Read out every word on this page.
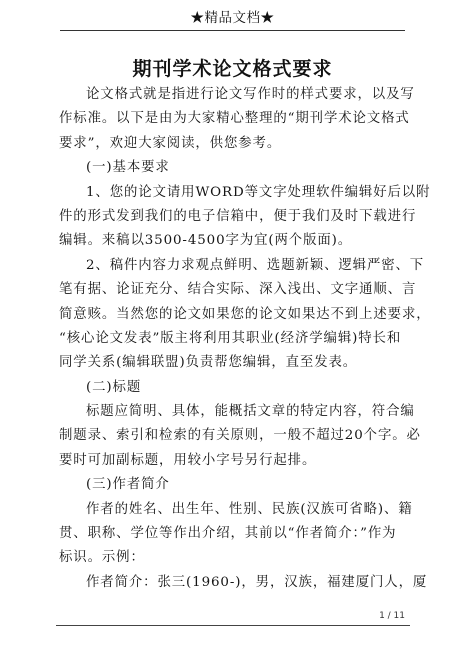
★精品文档★
期刊学术论文格式要求
论文格式就是指进行论文写作时的样式要求，以及写
作标准。以下是由为大家精心整理的“期刊学术论文格式
要求”，欢迎大家阅读，供您参考。
(一)基本要求
1、您的论文请用WORD等文字处理软件编辑好后以附
件的形式发到我们的电子信箱中，便于我们及时下载进行
编辑。来稿以3500-4500字为宜(两个版面)。
2、稿件内容力求观点鲜明、选题新颖、逻辑严密、下
笔有据、论证充分、结合实际、深入浅出、文字通顺、言
简意赅。当然您的论文如果您的论文如果达不到上述要求，
“核心论文发表”版主将利用其职业(经济学编辑)特长和
同学关系(编辑联盟)负责帮您编辑，直至发表。
(二)标题
标题应简明、具体，能概括文章的特定内容，符合编
制题录、索引和检索的有关原则，一般不超过20个字。必
要时可加副标题，用较小字号另行起排。
(三)作者简介
作者的姓名、出生年、性别、民族(汉族可省略)、籍
贯、职称、学位等作出介绍，其前以“作者简介：”作为
标识。示例：
作者简介：张三(1960-)，男，汉族，福建厦门人，厦
1 / 11
